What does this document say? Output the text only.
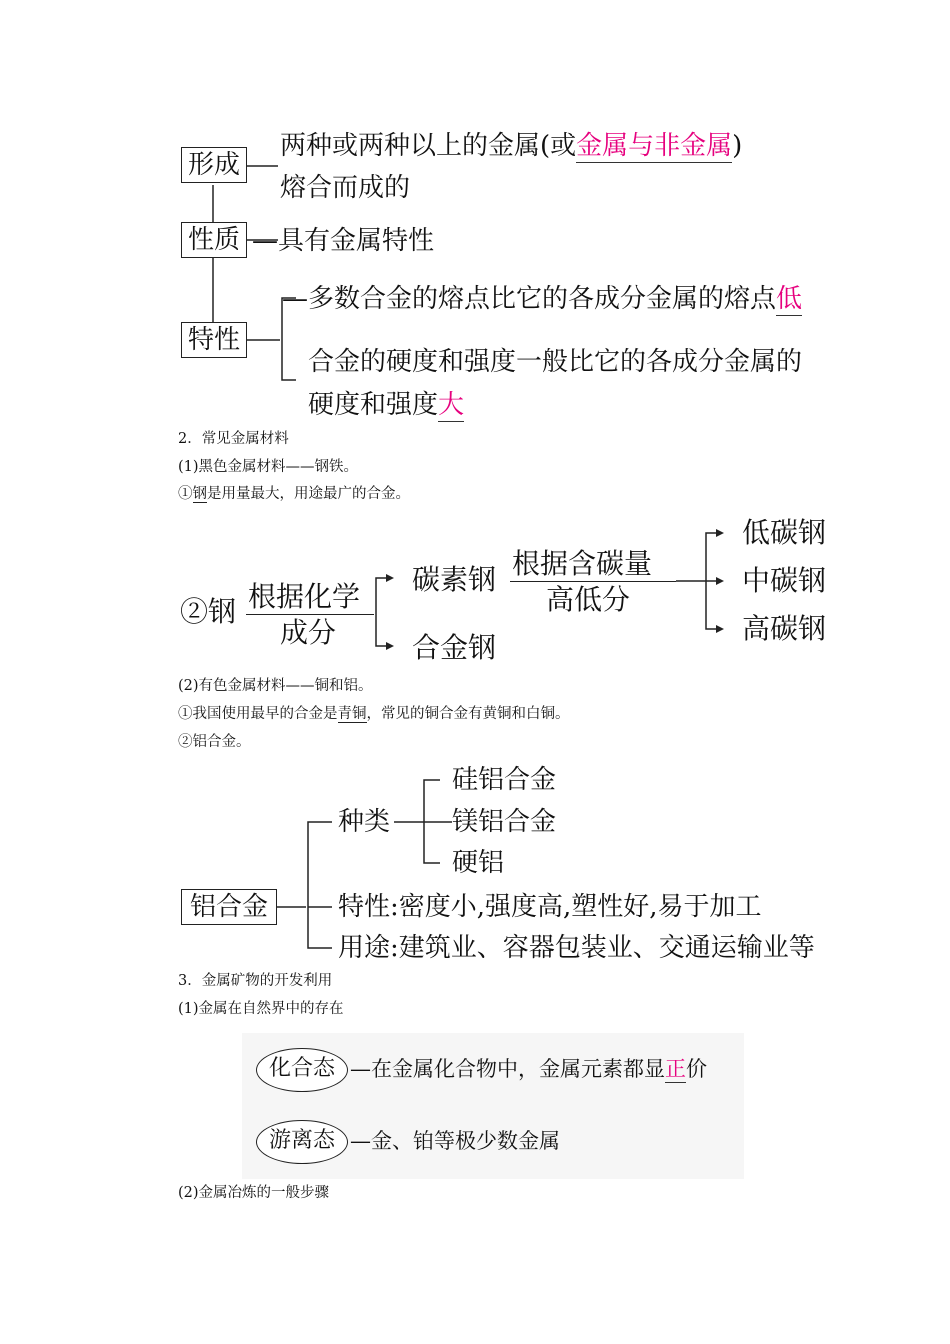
形成
两种或两种以上的金属(或金属与非金属)
熔合而成的
性质 —具有金属特性
特性
—多数合金的熔点比它的各成分金属的熔点低
合金的硬度和强度一般比它的各成分金属的
硬度和强度大
2．常见金属材料
(1)黑色金属材料——钢铁。
①钢是用量最大，用途最广的合金。
②钢 根据化学
成分
碳素钢
合金钢
根据含碳量
高低分
低碳钢
中碳钢
高碳钢
(2)有色金属材料——铜和铝。
①我国使用最早的合金是青铜，常见的铜合金有黄铜和白铜。
②铝合金。
铝合金
种类
硅铝合金
镁铝合金
硬铝
特性:密度小,强度高,塑性好,易于加工
用途:建筑业、容器包装业、交通运输业等
3．金属矿物的开发利用
(1)金属在自然界中的存在
化合态 —在金属化合物中，金属元素都显正价
游离态 —金、铂等极少数金属
(2)金属冶炼的一般步骤
